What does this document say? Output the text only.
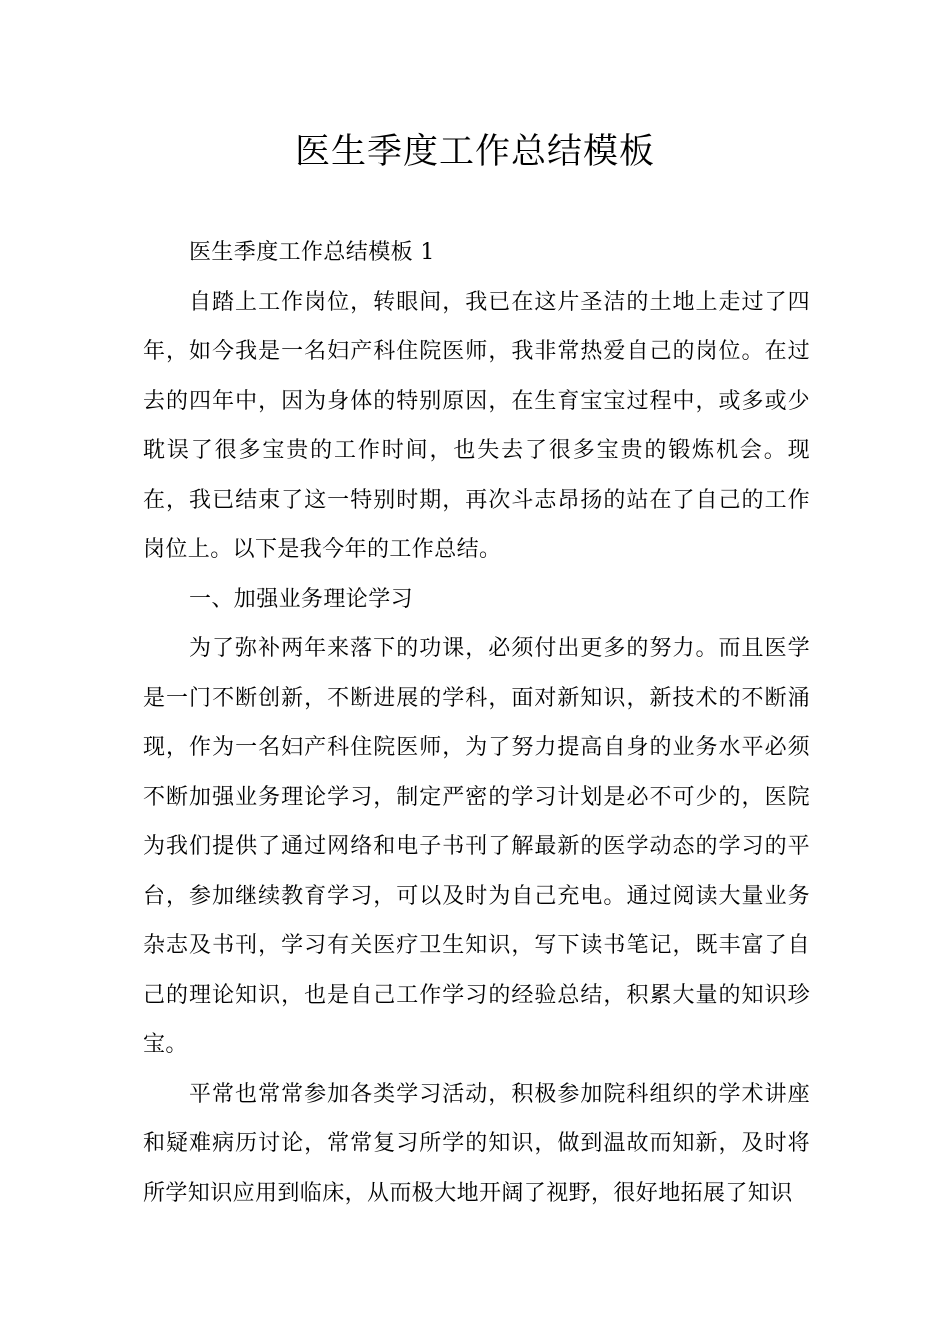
医生季度工作总结模板

医生季度工作总结模板 1

自踏上工作岗位，转眼间，我已在这片圣洁的土地上走过了四年，如今我是一名妇产科住院医师，我非常热爱自己的岗位。在过去的四年中，因为身体的特别原因，在生育宝宝过程中，或多或少耽误了很多宝贵的工作时间，也失去了很多宝贵的锻炼机会。现在，我已结束了这一特别时期，再次斗志昂扬的站在了自己的工作岗位上。以下是我今年的工作总结。

一、加强业务理论学习

为了弥补两年来落下的功课，必须付出更多的努力。而且医学是一门不断创新，不断进展的学科，面对新知识，新技术的不断涌现，作为一名妇产科住院医师，为了努力提高自身的业务水平必须不断加强业务理论学习，制定严密的学习计划是必不可少的，医院为我们提供了通过网络和电子书刊了解最新的医学动态的学习的平台，参加继续教育学习，可以及时为自己充电。通过阅读大量业务杂志及书刊，学习有关医疗卫生知识，写下读书笔记，既丰富了自己的理论知识，也是自己工作学习的经验总结，积累大量的知识珍宝。

平常也常常参加各类学习活动，积极参加院科组织的学术讲座和疑难病历讨论，常常复习所学的知识，做到温故而知新，及时将所学知识应用到临床，从而极大地开阔了视野，很好地拓展了知识
